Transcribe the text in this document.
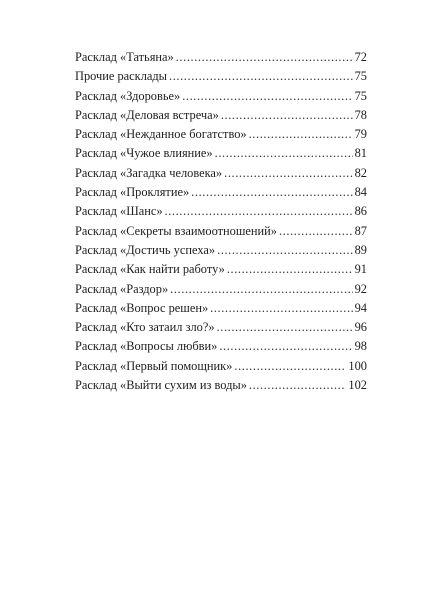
Расклад «Татьяна» .....	72
Прочие расклады .....	75
Расклад «Здоровье» .....	75
Расклад «Деловая встреча» .....	78
Расклад «Нежданное богатство» .....	79
Расклад «Чужое влияние» .....	81
Расклад «Загадка человека» .....	82
Расклад «Проклятие» .....	84
Расклад «Шанс» .....	86
Расклад «Секреты взаимоотношений» .....	87
Расклад «Достичь успеха» .....	89
Расклад «Как найти работу» .....	91
Расклад «Раздор» .....	92
Расклад «Вопрос решен» .....	94
Расклад «Кто затаил зло?» .....	96
Расклад «Вопросы любви» .....	98
Расклад «Первый помощник» .....	100
Расклад «Выйти сухим из воды» .....	102
